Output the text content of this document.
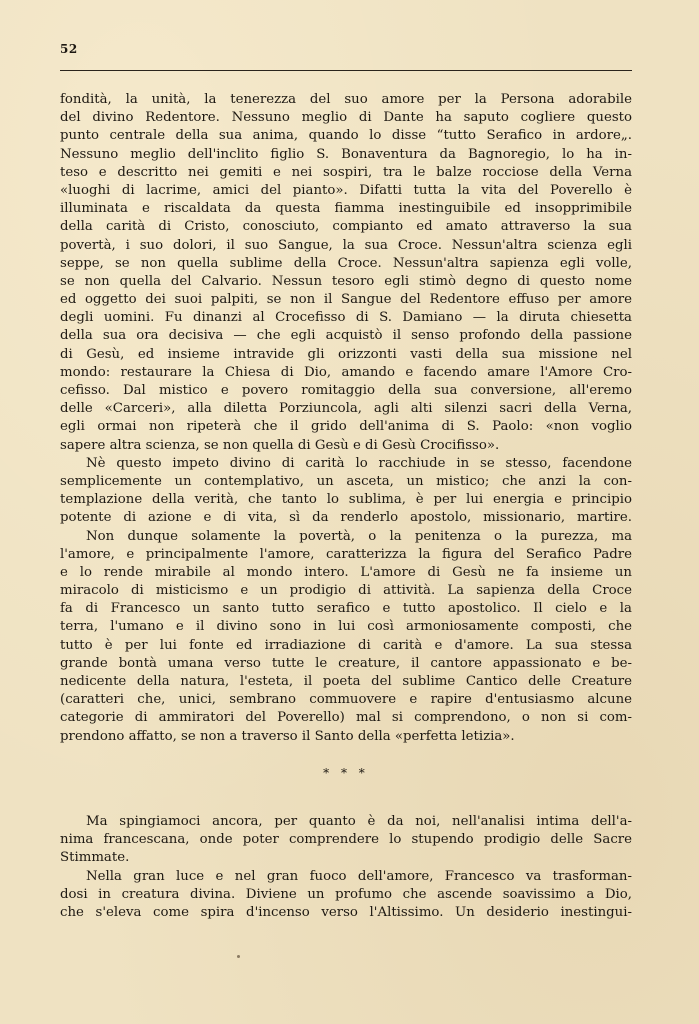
52
fondità, la unità, la tenerezza del suo amore per la Persona adorabile
del divino Redentore. Nessuno meglio di Dante ha saputo cogliere questo
punto centrale della sua anima, quando lo disse “tutto Serafico in ardore„.
Nessuno meglio dell'inclito figlio S. Bonaventura da Bagnoregio, lo ha in-
teso e descritto nei gemiti e nei sospiri, tra le balze rocciose della Verna
«luoghi di lacrime, amici del pianto». Difatti tutta la vita del Poverello è
illuminata e riscaldata da questa fiamma inestinguibile ed insopprimibile
della carità di Cristo, conosciuto, compianto ed amato attraverso la sua
povertà, i suo dolori, il suo Sangue, la sua Croce. Nessun'altra scienza egli
seppe, se non quella sublime della Croce. Nessun'altra sapienza egli volle,
se non quella del Calvario. Nessun tesoro egli stimò degno di questo nome
ed oggetto dei suoi palpiti, se non il Sangue del Redentore effuso per amore
degli uomini. Fu dinanzi al Crocefisso di S. Damiano — la diruta chiesetta
della sua ora decisiva — che egli acquistò il senso profondo della passione
di Gesù, ed insieme intravide gli orizzonti vasti della sua missione nel
mondo: restaurare la Chiesa di Dio, amando e facendo amare l'Amore Cro-
cefisso. Dal mistico e povero romitaggio della sua conversione, all'eremo
delle «Carceri», alla diletta Porziuncola, agli alti silenzi sacri della Verna,
egli ormai non ripeterà che il grido dell'anima di S. Paolo: «non voglio
sapere altra scienza, se non quella di Gesù e di Gesù Crocifisso».
Nè questo impeto divino di carità lo racchiude in se stesso, facendone
semplicemente un contemplativo, un asceta, un mistico; che anzi la con-
templazione della verità, che tanto lo sublima, è per lui energia e principio
potente di azione e di vita, sì da renderlo apostolo, missionario, martire.
Non dunque solamente la povertà, o la penitenza o la purezza, ma
l'amore, e principalmente l'amore, caratterizza la figura del Serafico Padre
e lo rende mirabile al mondo intero. L'amore di Gesù ne fa insieme un
miracolo di misticismo e un prodigio di attività. La sapienza della Croce
fa di Francesco un santo tutto serafico e tutto apostolico. Il cielo e la
terra, l'umano e il divino sono in lui così armoniosamente composti, che
tutto è per lui fonte ed irradiazione di carità e d'amore. La sua stessa
grande bontà umana verso tutte le creature, il cantore appassionato e be-
nedicente della natura, l'esteta, il poeta del sublime Cantico delle Creature
(caratteri che, unici, sembrano commuovere e rapire d'entusiasmo alcune
categorie di ammiratori del Poverello) mal si comprendono, o non si com-
prendono affatto, se non a traverso il Santo della «perfetta letizia».
* * *
Ma spingiamoci ancora, per quanto è da noi, nell'analisi intima dell'a-
nima francescana, onde poter comprendere lo stupendo prodigio delle Sacre
Stimmate.
Nella gran luce e nel gran fuoco dell'amore, Francesco va trasforman-
dosi in creatura divina. Diviene un profumo che ascende soavissimo a Dio,
che s'eleva come spira d'incenso verso l'Altissimo. Un desiderio inestingui-
